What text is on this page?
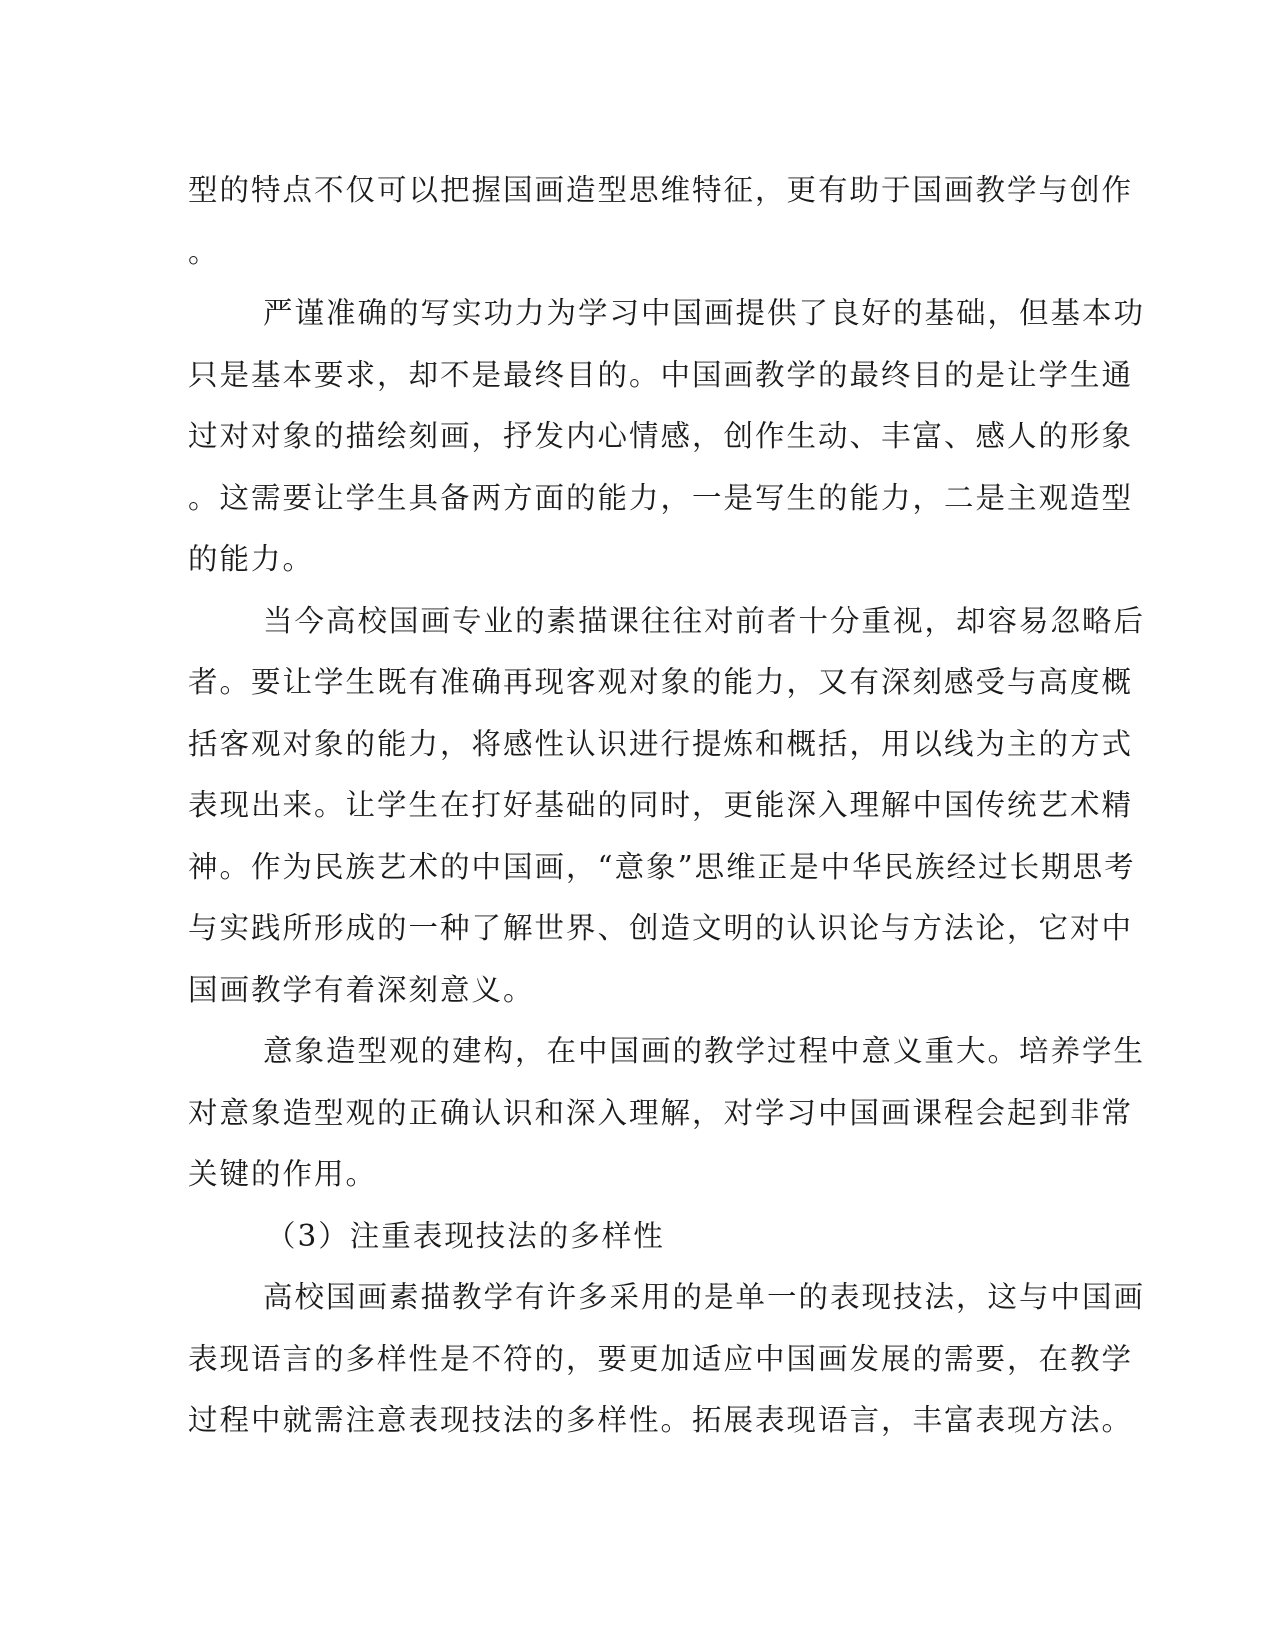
型的特点不仅可以把握国画造型思维特征，更有助于国画教学与创作
。
严谨准确的写实功力为学习中国画提供了良好的基础，但基本功
只是基本要求，却不是最终目的。中国画教学的最终目的是让学生通
过对对象的描绘刻画，抒发内心情感，创作生动、丰富、感人的形象
。这需要让学生具备两方面的能力，一是写生的能力，二是主观造型
的能力。
当今高校国画专业的素描课往往对前者十分重视，却容易忽略后
者。要让学生既有准确再现客观对象的能力，又有深刻感受与高度概
括客观对象的能力，将感性认识进行提炼和概括，用以线为主的方式
表现出来。让学生在打好基础的同时，更能深入理解中国传统艺术精
神。作为民族艺术的中国画，“意象”思维正是中华民族经过长期思考
与实践所形成的一种了解世界、创造文明的认识论与方法论，它对中
国画教学有着深刻意义。
意象造型观的建构，在中国画的教学过程中意义重大。培养学生
对意象造型观的正确认识和深入理解，对学习中国画课程会起到非常
关键的作用。
（3）注重表现技法的多样性
高校国画素描教学有许多采用的是单一的表现技法，这与中国画
表现语言的多样性是不符的，要更加适应中国画发展的需要，在教学
过程中就需注意表现技法的多样性。拓展表现语言，丰富表现方法。
